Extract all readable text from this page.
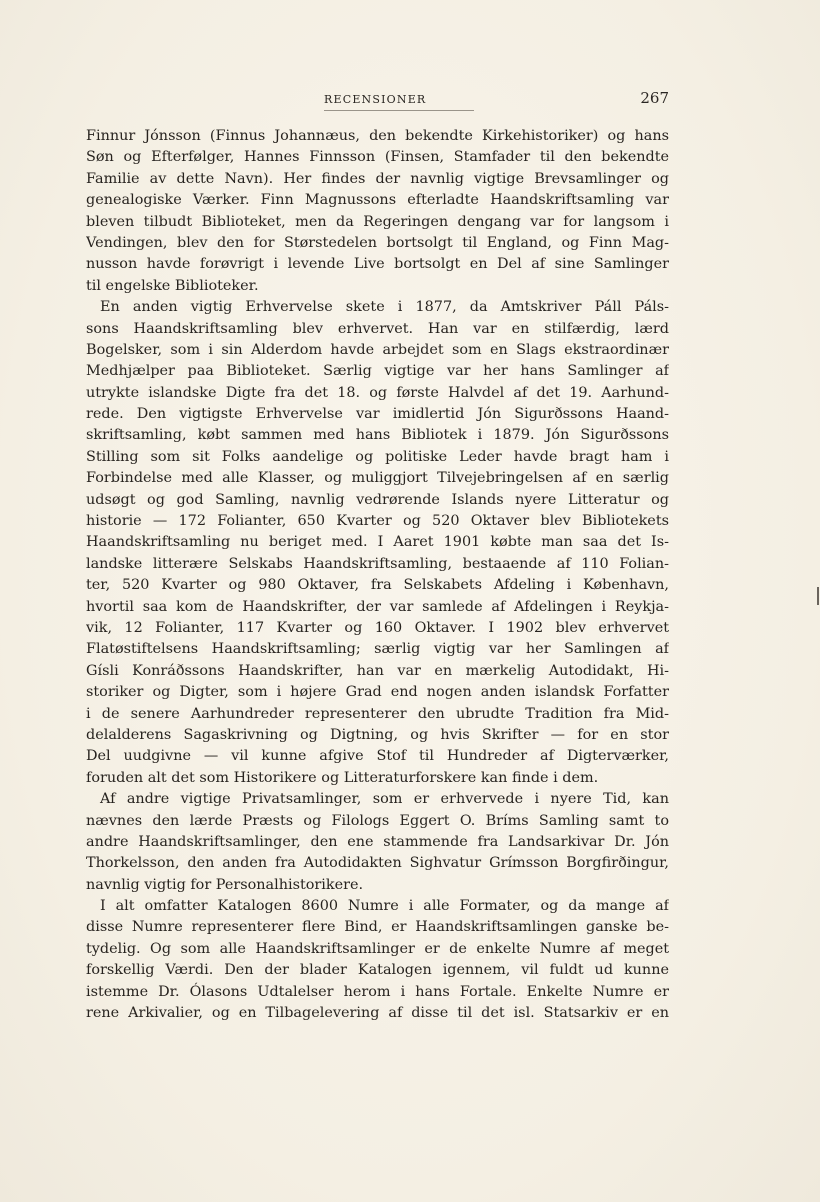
RECENSIONER	267
Finnur Jónsson (Finnus Johannæus, den bekendte Kirkehistoriker) og hans
Søn og Efterfølger, Hannes Finnsson (Finsen, Stamfader til den bekendte
Familie av dette Navn). Her findes der navnlig vigtige Brevsamlinger og
genealogiske Værker. Finn Magnussons efterladte Haandskriftsamling var
bleven tilbudt Biblioteket, men da Regeringen dengang var for langsom i
Vendingen, blev den for Størstedelen bortsolgt til England, og Finn Mag-
nusson havde forøvrigt i levende Live bortsolgt en Del af sine Samlinger
til engelske Biblioteker.
En anden vigtig Erhvervelse skete i 1877, da Amtskriver Páll Páls-
sons Haandskriftsamling blev erhvervet. Han var en stilfærdig, lærd
Bogelsker, som i sin Alderdom havde arbejdet som en Slags ekstraordinær
Medhjælper paa Biblioteket. Særlig vigtige var her hans Samlinger af
utrykte islandske Digte fra det 18. og første Halvdel af det 19. Aarhund-
rede. Den vigtigste Erhvervelse var imidlertid Jón Sigurðssons Haand-
skriftsamling, købt sammen med hans Bibliotek i 1879. Jón Sigurðssons
Stilling som sit Folks aandelige og politiske Leder havde bragt ham i
Forbindelse med alle Klasser, og muliggjort Tilvejebringelsen af en særlig
udsøgt og god Samling, navnlig vedrørende Islands nyere Litteratur og
historie — 172 Folianter, 650 Kvarter og 520 Oktaver blev Bibliotekets
Haandskriftsamling nu beriget med. I Aaret 1901 købte man saa det Is-
landske litterære Selskabs Haandskriftsamling, bestaaende af 110 Folian-
ter, 520 Kvarter og 980 Oktaver, fra Selskabets Afdeling i København,
hvortil saa kom de Haandskrifter, der var samlede af Afdelingen i Reykja-
vik, 12 Folianter, 117 Kvarter og 160 Oktaver. I 1902 blev erhvervet
Flatøstiftelsens Haandskriftsamling; særlig vigtig var her Samlingen af
Gísli Konráðssons Haandskrifter, han var en mærkelig Autodidakt, Hi-
storiker og Digter, som i højere Grad end nogen anden islandsk Forfatter
i de senere Aarhundreder representerer den ubrudte Tradition fra Mid-
delalderens Sagaskrivning og Digtning, og hvis Skrifter — for en stor
Del uudgivne — vil kunne afgive Stof til Hundreder af Digterværker,
foruden alt det som Historikere og Litteraturforskere kan finde i dem.
Af andre vigtige Privatsamlinger, som er erhvervede i nyere Tid, kan
nævnes den lærde Præsts og Filologs Eggert O. Bríms Samling samt to
andre Haandskriftsamlinger, den ene stammende fra Landsarkivar Dr. Jón
Thorkelsson, den anden fra Autodidakten Sighvatur Grímsson Borgfirðingur,
navnlig vigtig for Personalhistorikere.
I alt omfatter Katalogen 8600 Numre i alle Formater, og da mange af
disse Numre representerer flere Bind, er Haandskriftsamlingen ganske be-
tydelig. Og som alle Haandskriftsamlinger er de enkelte Numre af meget
forskellig Værdi. Den der blader Katalogen igennem, vil fuldt ud kunne
istemme Dr. Ólasons Udtalelser herom i hans Fortale. Enkelte Numre er
rene Arkivalier, og en Tilbagelevering af disse til det isl. Statsarkiv er en
